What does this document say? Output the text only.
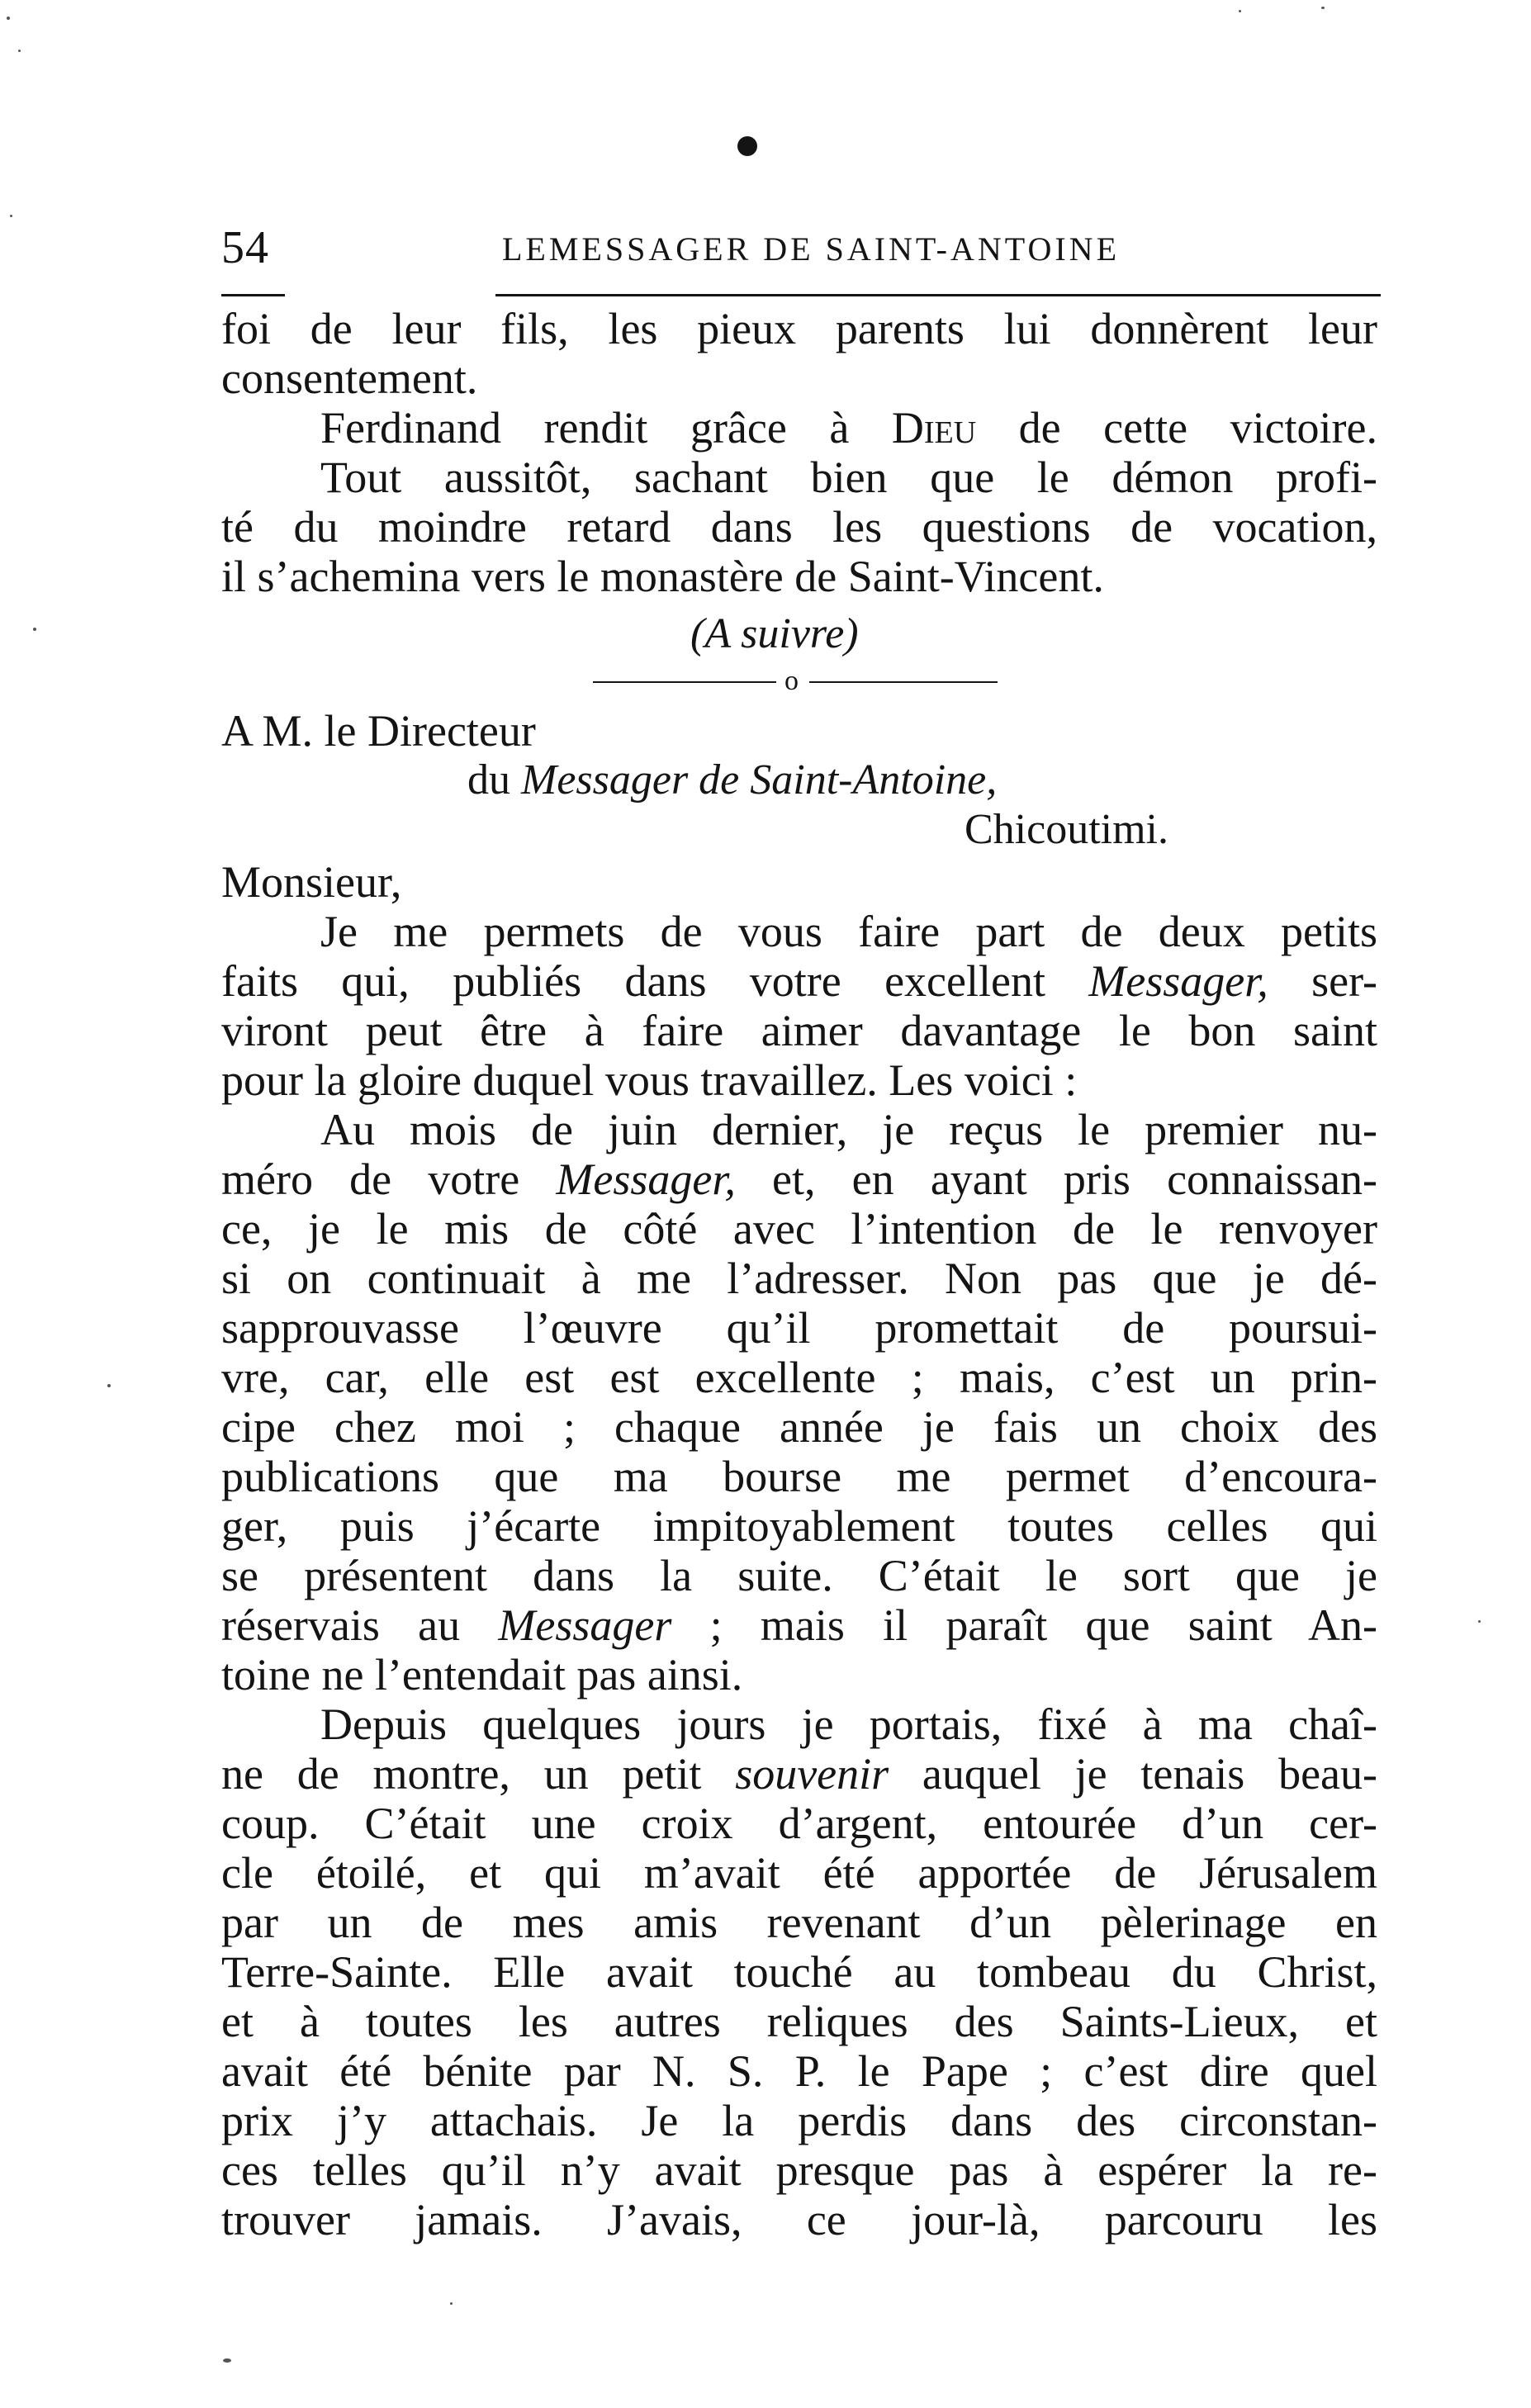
54	LEMESSAGER DE SAINT-ANTOINE
foi de leur fils, les pieux parents lui donnèrent leur
consentement.
Ferdinand rendit grâce à Dieu de cette victoire.
Tout aussitôt, sachant bien que le démon profi-
té du moindre retard dans les questions de vocation,
il s’achemina vers le monastère de Saint-Vincent.
(A suivre)
o
A M. le Directeur
du Messager de Saint-Antoine,
Chicoutimi.
Monsieur,
Je me permets de vous faire part de deux petits
faits qui, publiés dans votre excellent Messager, ser-
viront peut être à faire aimer davantage le bon saint
pour la gloire duquel vous travaillez. Les voici :
Au mois de juin dernier, je reçus le premier nu-
méro de votre Messager, et, en ayant pris connaissan-
ce, je le mis de côté avec l’intention de le renvoyer
si on continuait à me l’adresser. Non pas que je dé-
sapprouvasse l’œuvre qu’il promettait de poursui-
vre, car, elle est est excellente ; mais, c’est un prin-
cipe chez moi ; chaque année je fais un choix des
publications que ma bourse me permet d’encoura-
ger, puis j’écarte impitoyablement toutes celles qui
se présentent dans la suite. C’était le sort que je
réservais au Messager ; mais il paraît que saint An-
toine ne l’entendait pas ainsi.
Depuis quelques jours je portais, fixé à ma chaî-
ne de montre, un petit souvenir auquel je tenais beau-
coup. C’était une croix d’argent, entourée d’un cer-
cle étoilé, et qui m’avait été apportée de Jérusalem
par un de mes amis revenant d’un pèlerinage en
Terre-Sainte. Elle avait touché au tombeau du Christ,
et à toutes les autres reliques des Saints-Lieux, et
avait été bénite par N. S. P. le Pape ; c’est dire quel
prix j’y attachais. Je la perdis dans des circonstan-
ces telles qu’il n’y avait presque pas à espérer la re-
trouver jamais. J’avais, ce jour-là, parcouru les
